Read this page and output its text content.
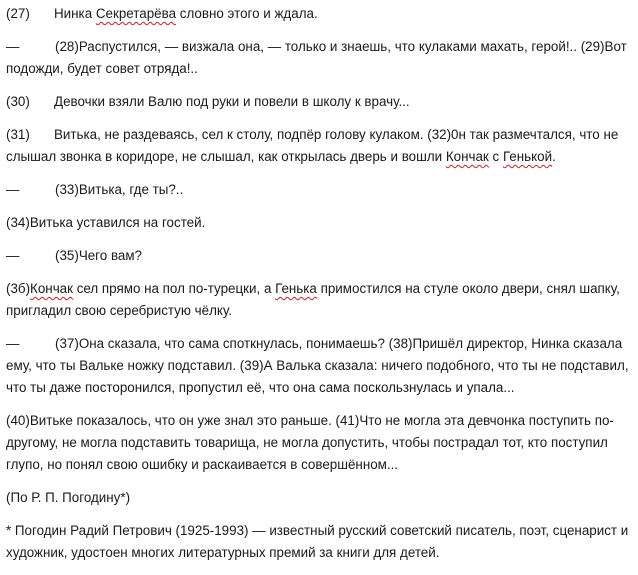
(27) Нинка Секретарёва словно этого и ждала.

—	(28)Распустился, — визжала она, — только и знаешь, что кулаками махать, герой!.. (29)Вот подожди, будет совет отряда!..

(30) Девочки взяли Валю под руки и повели в школу к врачу...

(31) Витька, не раздеваясь, сел к столу, подпёр голову кулаком. (32)0н так размечтался, что не слышал звонка в коридоре, не слышал, как открылась дверь и вошли Кончак с Генькой.

—	(33)Витька, где ты?..

(34)Витька уставился на гостей.

—	(35)Чего вам?

(3б)Кончак сел прямо на пол по-турецки, а Генька примостился на стуле около двери, снял шапку, пригладил свою серебристую чёлку.

—	(37)Она сказала, что сама споткнулась, понимаешь? (38)Пришёл директор, Нинка сказала ему, что ты Вальке ножку подставил. (39)А Валька сказала: ничего подобного, что ты не подставил, что ты даже посторонился, пропустил её, что она сама поскользнулась и упала...

(40)Витьке показалось, что он уже знал это раньше. (41)Что не могла эта девчонка поступить по-другому, не могла подставить товарища, не могла допустить, чтобы пострадал тот, кто поступил глупо, но понял свою ошибку и раскаивается в совершённом...

(По Р. П. Погодину*)

* Погодин Радий Петрович (1925-1993) — известный русский советский писатель, поэт, сценарист и художник, удостоен многих литературных премий за книги для детей.
